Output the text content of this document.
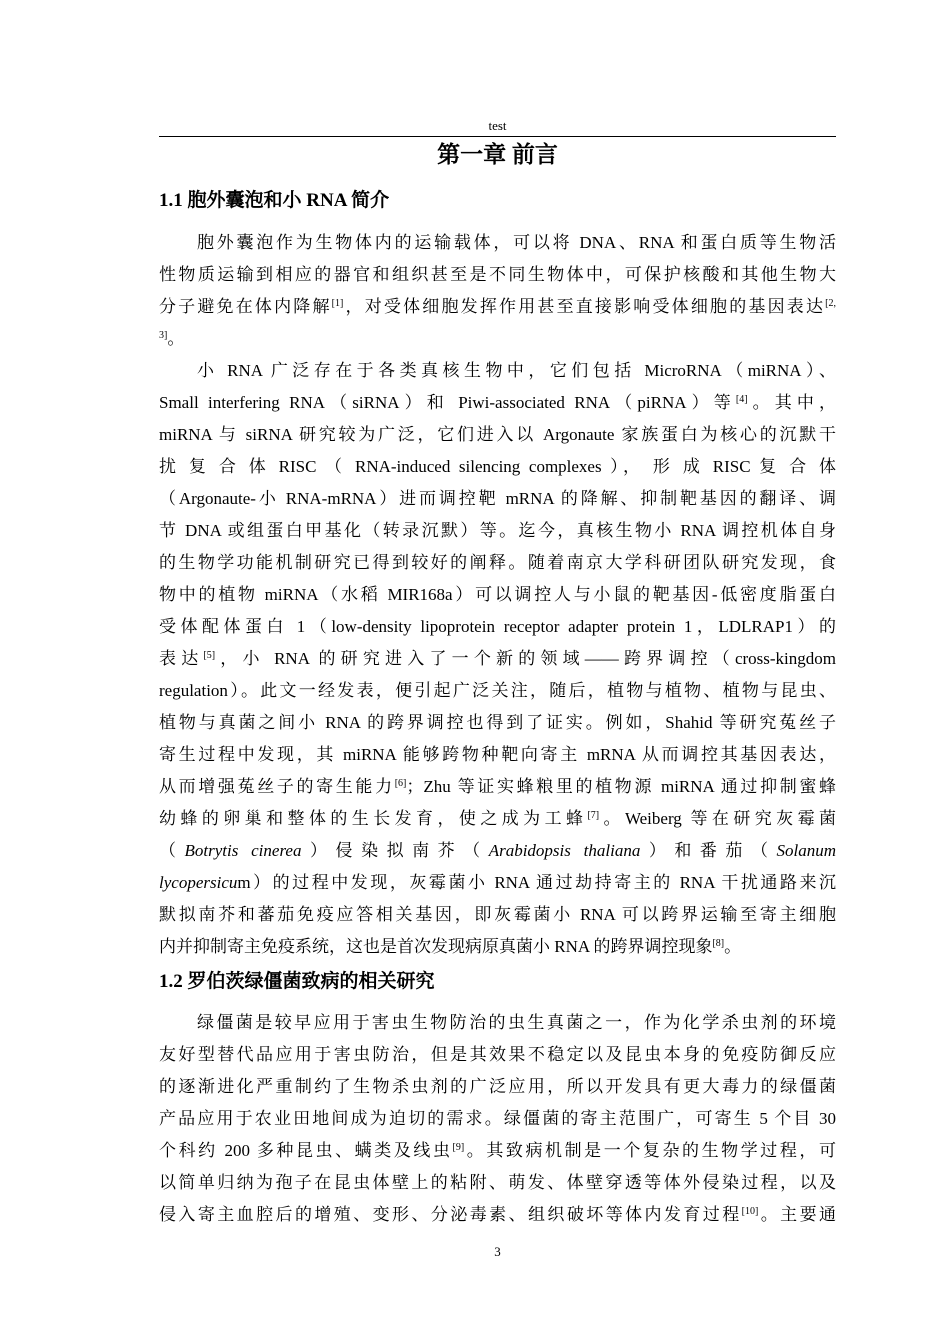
test
第一章 前言
1.1 胞外囊泡和小 RNA 简介
胞外囊泡作为生物体内的运输载体，可以将 DNA、RNA 和蛋白质等生物活
性物质运输到相应的器官和组织甚至是不同生物体中，可保护核酸和其他生物大
分子避免在体内降解[1]，对受体细胞发挥作用甚至直接影响受体细胞的基因表达$^{[2,}$
$^{3]}$。
小 RNA 广泛存在于各类真核生物中，它们包括 MicroRNA（miRNA）、
Small interfering RNA（siRNA）和 Piwi-associated RNA（piRNA）等[4]。其中，
miRNA 与 siRNA 研究较为广泛，它们进入以 Argonaute 家族蛋白为核心的沉默干
扰 复 合 体 RISC （ RNA-induced silencing complexes ）， 形 成 RISC 复 合 体
（Argonaute-小 RNA-mRNA）进而调控靶 mRNA 的降解、抑制靶基因的翻译、调
节 DNA 或组蛋白甲基化（转录沉默）等。迄今，真核生物小 RNA 调控机体自身
的生物学功能机制研究已得到较好的阐释。随着南京大学科研团队研究发现，食
物中的植物 miRNA（水稻 MIR168a）可以调控人与小鼠的靶基因-低密度脂蛋白
受体配体蛋白 1（low-density lipoprotein receptor adapter protein 1，LDLRAP1）的
表达[5]，小 RNA 的研究进入了一个新的领域——跨界调控（cross-kingdom
regulation）。此文一经发表，便引起广泛关注，随后，植物与植物、植物与昆虫、
植物与真菌之间小 RNA 的跨界调控也得到了证实。例如，Shahid 等研究菟丝子
寄生过程中发现，其 miRNA 能够跨物种靶向寄主 mRNA 从而调控其基因表达，
从而增强菟丝子的寄生能力[6]；Zhu 等证实蜂粮里的植物源 miRNA 通过抑制蜜蜂
幼蜂的卵巢和整体的生长发育，使之成为工蜂[7]。Weiberg 等在研究灰霉菌
（Botrytis cinerea）侵染拟南芥（Arabidopsis thaliana）和番茄（Solanum
lycopersicum）的过程中发现，灰霉菌小 RNA 通过劫持寄主的 RNA 干扰通路来沉
默拟南芥和蕃茄免疫应答相关基因，即灰霉菌小 RNA 可以跨界运输至寄主细胞
内并抑制寄主免疫系统，这也是首次发现病原真菌小 RNA 的跨界调控现象[8]。
1.2 罗伯茨绿僵菌致病的相关研究
绿僵菌是较早应用于害虫生物防治的虫生真菌之一，作为化学杀虫剂的环境
友好型替代品应用于害虫防治，但是其效果不稳定以及昆虫本身的免疫防御反应
的逐渐进化严重制约了生物杀虫剂的广泛应用，所以开发具有更大毒力的绿僵菌
产品应用于农业田地间成为迫切的需求。绿僵菌的寄主范围广，可寄生 5 个目 30
个科约 200 多种昆虫、螨类及线虫[9]。其致病机制是一个复杂的生物学过程，可
以简单归纳为孢子在昆虫体壁上的粘附、萌发、体壁穿透等体外侵染过程，以及
侵入寄主血腔后的增殖、变形、分泌毒素、组织破坏等体内发育过程[10]。主要通
3
